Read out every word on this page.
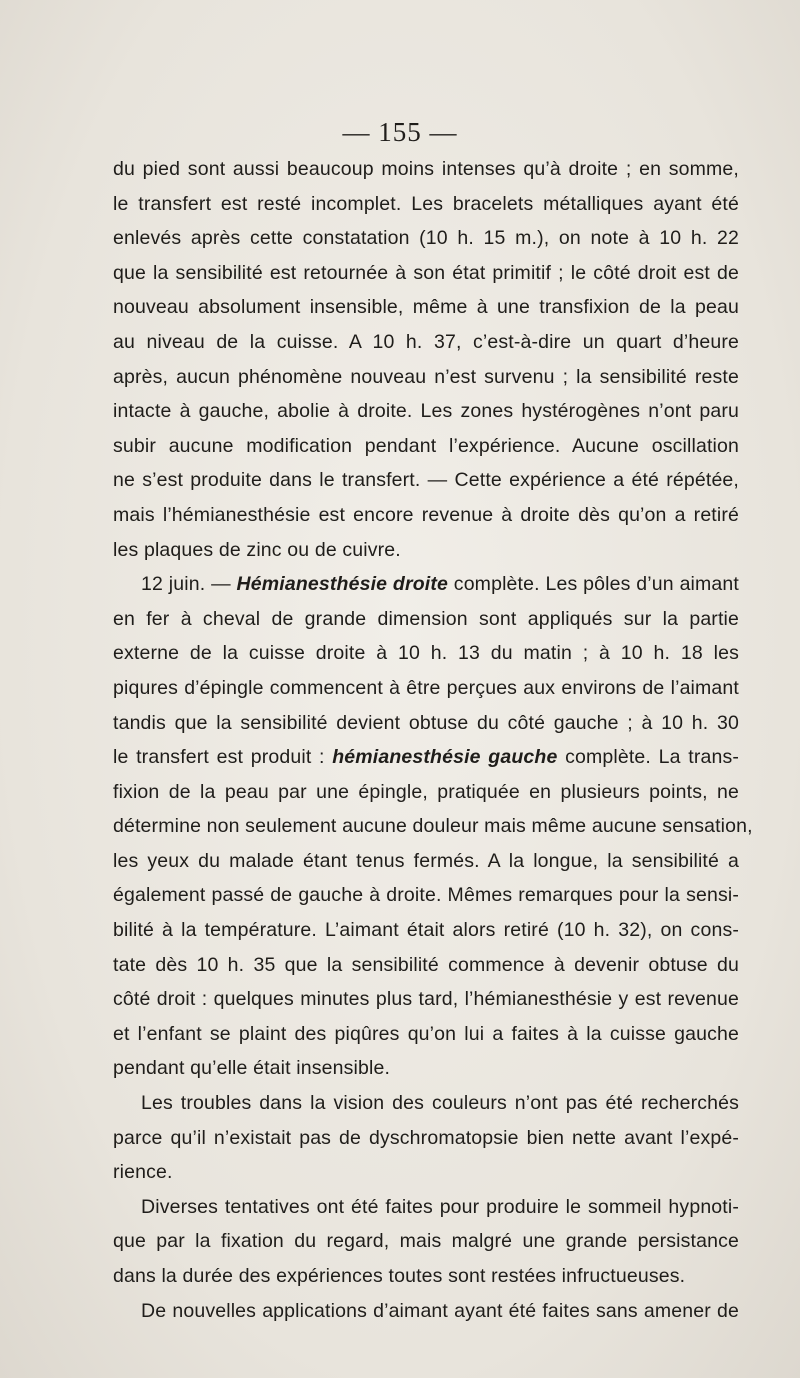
— 155 —
du pied sont aussi beaucoup moins intenses qu’à droite ; en somme,
le transfert est resté incomplet. Les bracelets métalliques ayant été
enlevés après cette constatation (10 h. 15 m.), on note à 10 h. 22
que la sensibilité est retournée à son état primitif ; le côté droit est de
nouveau absolument insensible, même à une transfixion de la peau
au niveau de la cuisse. A 10 h. 37, c’est-à-dire un quart d’heure
après, aucun phénomène nouveau n’est survenu ; la sensibilité reste
intacte à gauche, abolie à droite. Les zones hystérogènes n’ont paru
subir aucune modification pendant l’expérience. Aucune oscillation
ne s’est produite dans le transfert. — Cette expérience a été répétée,
mais l’hémianesthésie est encore revenue à droite dès qu’on a retiré
les plaques de zinc ou de cuivre.
12 juin. — Hémianesthésie droite complète. Les pôles d’un aimant
en fer à cheval de grande dimension sont appliqués sur la partie
externe de la cuisse droite à 10 h. 13 du matin ; à 10 h. 18 les
piqures d’épingle commencent à être perçues aux environs de l’aimant
tandis que la sensibilité devient obtuse du côté gauche ; à 10 h. 30
le transfert est produit : hémianesthésie gauche complète. La trans-
fixion de la peau par une épingle, pratiquée en plusieurs points, ne
détermine non seulement aucune douleur mais même aucune sensation,
les yeux du malade étant tenus fermés. A la longue, la sensibilité a
également passé de gauche à droite. Mêmes remarques pour la sensi-
bilité à la température. L’aimant était alors retiré (10 h. 32), on cons-
tate dès 10 h. 35 que la sensibilité commence à devenir obtuse du
côté droit : quelques minutes plus tard, l’hémianesthésie y est revenue
et l’enfant se plaint des piqûres qu’on lui a faites à la cuisse gauche
pendant qu’elle était insensible.
Les troubles dans la vision des couleurs n’ont pas été recherchés
parce qu’il n’existait pas de dyschromatopsie bien nette avant l’expé-
rience.
Diverses tentatives ont été faites pour produire le sommeil hypnoti-
que par la fixation du regard, mais malgré une grande persistance
dans la durée des expériences toutes sont restées infructueuses.
De nouvelles applications d’aimant ayant été faites sans amener de
